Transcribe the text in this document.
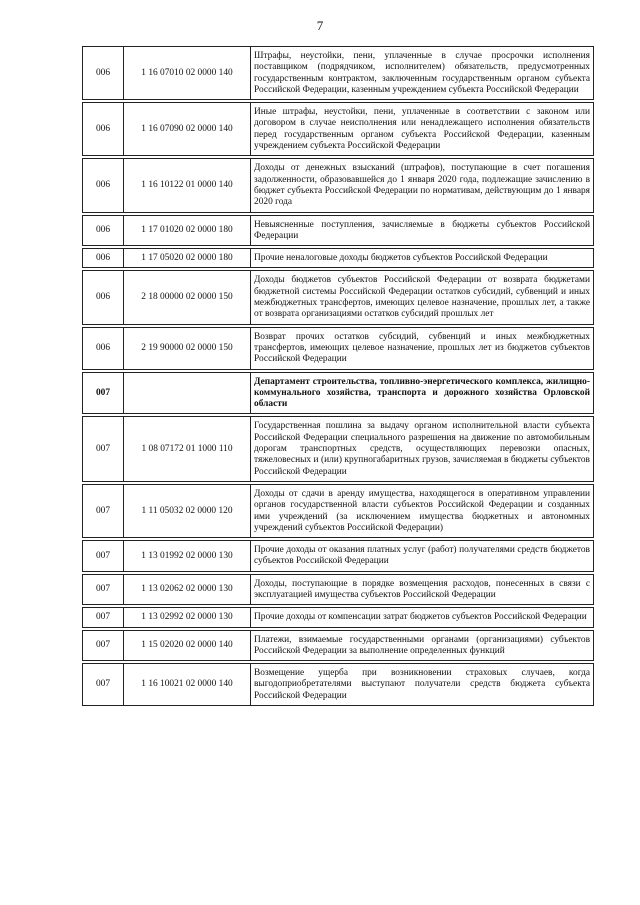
7
006	1 16 07010 02 0000 140	Штрафы, неустойки, пени, уплаченные в случае просрочки исполнения поставщиком (подрядчиком, исполнителем) обязательств, предусмотренных государственным контрактом, заключенным государственным органом субъекта Российской Федерации, казенным учреждением субъекта Российской Федерации

006	1 16 07090 02 0000 140	Иные штрафы, неустойки, пени, уплаченные в соответствии с законом или договором в случае неисполнения или ненадлежащего исполнения обязательств перед государственным органом субъекта Российской Федерации, казенным учреждением субъекта Российской Федерации

006	1 16 10122 01 0000 140	Доходы от денежных взысканий (штрафов), поступающие в счет погашения задолженности, образовавшейся до 1 января 2020 года, подлежащие зачислению в бюджет субъекта Российской Федерации по нормативам, действующим до 1 января 2020 года

006	1 17 01020 02 0000 180	Невыясненные поступления, зачисляемые в бюджеты субъектов Российской Федерации

006	1 17 05020 02 0000 180	Прочие неналоговые доходы бюджетов субъектов Российской Федерации

006	2 18 00000 02 0000 150	Доходы бюджетов субъектов Российской Федерации от возврата бюджетами бюджетной системы Российской Федерации остатков субсидий, субвенций и иных межбюджетных трансфертов, имеющих целевое назначение, прошлых лет, а также от возврата организациями остатков субсидий прошлых лет

006	2 19 90000 02 0000 150	Возврат прочих остатков субсидий, субвенций и иных межбюджетных трансфертов, имеющих целевое назначение, прошлых лет из бюджетов субъектов Российской Федерации

007		Департамент строительства, топливно-энергетического комплекса, жилищно-коммунального хозяйства, транспорта и дорожного хозяйства Орловской области

007	1 08 07172 01 1000 110	Государственная пошлина за выдачу органом исполнительной власти субъекта Российской Федерации специального разрешения на движение по автомобильным дорогам транспортных средств, осуществляющих перевозки опасных, тяжеловесных и (или) крупногабаритных грузов, зачисляемая в бюджеты субъектов Российской Федерации

007	1 11 05032 02 0000 120	Доходы от сдачи в аренду имущества, находящегося в оперативном управлении органов государственной власти субъектов Российской Федерации и созданных ими учреждений (за исключением имущества бюджетных и автономных учреждений субъектов Российской Федерации)

007	1 13 01992 02 0000 130	Прочие доходы от оказания платных услуг (работ) получателями средств бюджетов субъектов Российской Федерации

007	1 13 02062 02 0000 130	Доходы, поступающие в порядке возмещения расходов, понесенных в связи с эксплуатацией имущества субъектов Российской Федерации

007	1 13 02992 02 0000 130	Прочие доходы от компенсации затрат бюджетов субъектов Российской Федерации

007	1 15 02020 02 0000 140	Платежи, взимаемые государственными органами (организациями) субъектов Российской Федерации за выполнение определенных функций

007	1 16 10021 02 0000 140	Возмещение ущерба при возникновении страховых случаев, когда выгодоприобретателями выступают получатели средств бюджета субъекта Российской Федерации
